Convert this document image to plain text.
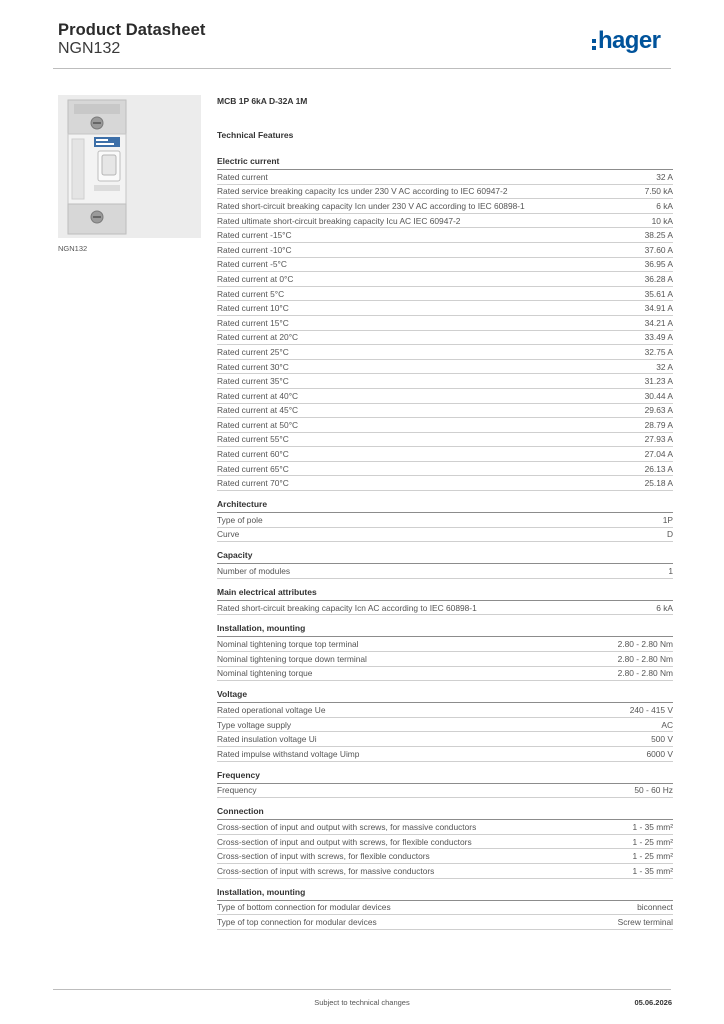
Product Datasheet
NGN132	hager
NGN132
MCB 1P 6kA D-32A 1M
Technical Features
Electric current
Rated current	32 A
Rated service breaking capacity Ics under 230 V AC according to IEC 60947-2	7.50 kA
Rated short-circuit breaking capacity Icn under 230 V AC according to IEC 60898-1	6 kA
Rated ultimate short-circuit breaking capacity Icu AC IEC 60947-2	10 kA
Rated current -15°C	38.25 A
Rated current -10°C	37.60 A
Rated current -5°C	36.95 A
Rated current at 0°C	36.28 A
Rated current 5°C	35.61 A
Rated current 10°C	34.91 A
Rated current 15°C	34.21 A
Rated current at 20°C	33.49 A
Rated current 25°C	32.75 A
Rated current 30°C	32 A
Rated current 35°C	31.23 A
Rated current at 40°C	30.44 A
Rated current at 45°C	29.63 A
Rated current at 50°C	28.79 A
Rated current 55°C	27.93 A
Rated current 60°C	27.04 A
Rated current 65°C	26.13 A
Rated current 70°C	25.18 A
Architecture
Type of pole	1P
Curve	D
Capacity
Number of modules	1
Main electrical attributes
Rated short-circuit breaking capacity Icn AC according to IEC 60898-1	6 kA
Installation, mounting
Nominal tightening torque top terminal	2.80 - 2.80 Nm
Nominal tightening torque down terminal	2.80 - 2.80 Nm
Nominal tightening torque	2.80 - 2.80 Nm
Voltage
Rated operational voltage Ue	240 - 415 V
Type voltage supply	AC
Rated insulation voltage Ui	500 V
Rated impulse withstand voltage Uimp	6000 V
Frequency
Frequency	50 - 60 Hz
Connection
Cross-section of input and output with screws, for massive conductors	1 - 35 mm²
Cross-section of input and output with screws, for flexible conductors	1 - 25 mm²
Cross-section of input with screws, for flexible conductors	1 - 25 mm²
Cross-section of input with screws, for massive conductors	1 - 35 mm²
Installation, mounting
Type of bottom connection for modular devices	biconnect
Type of top connection for modular devices	Screw terminal
Subject to technical changes	05.06.2026
